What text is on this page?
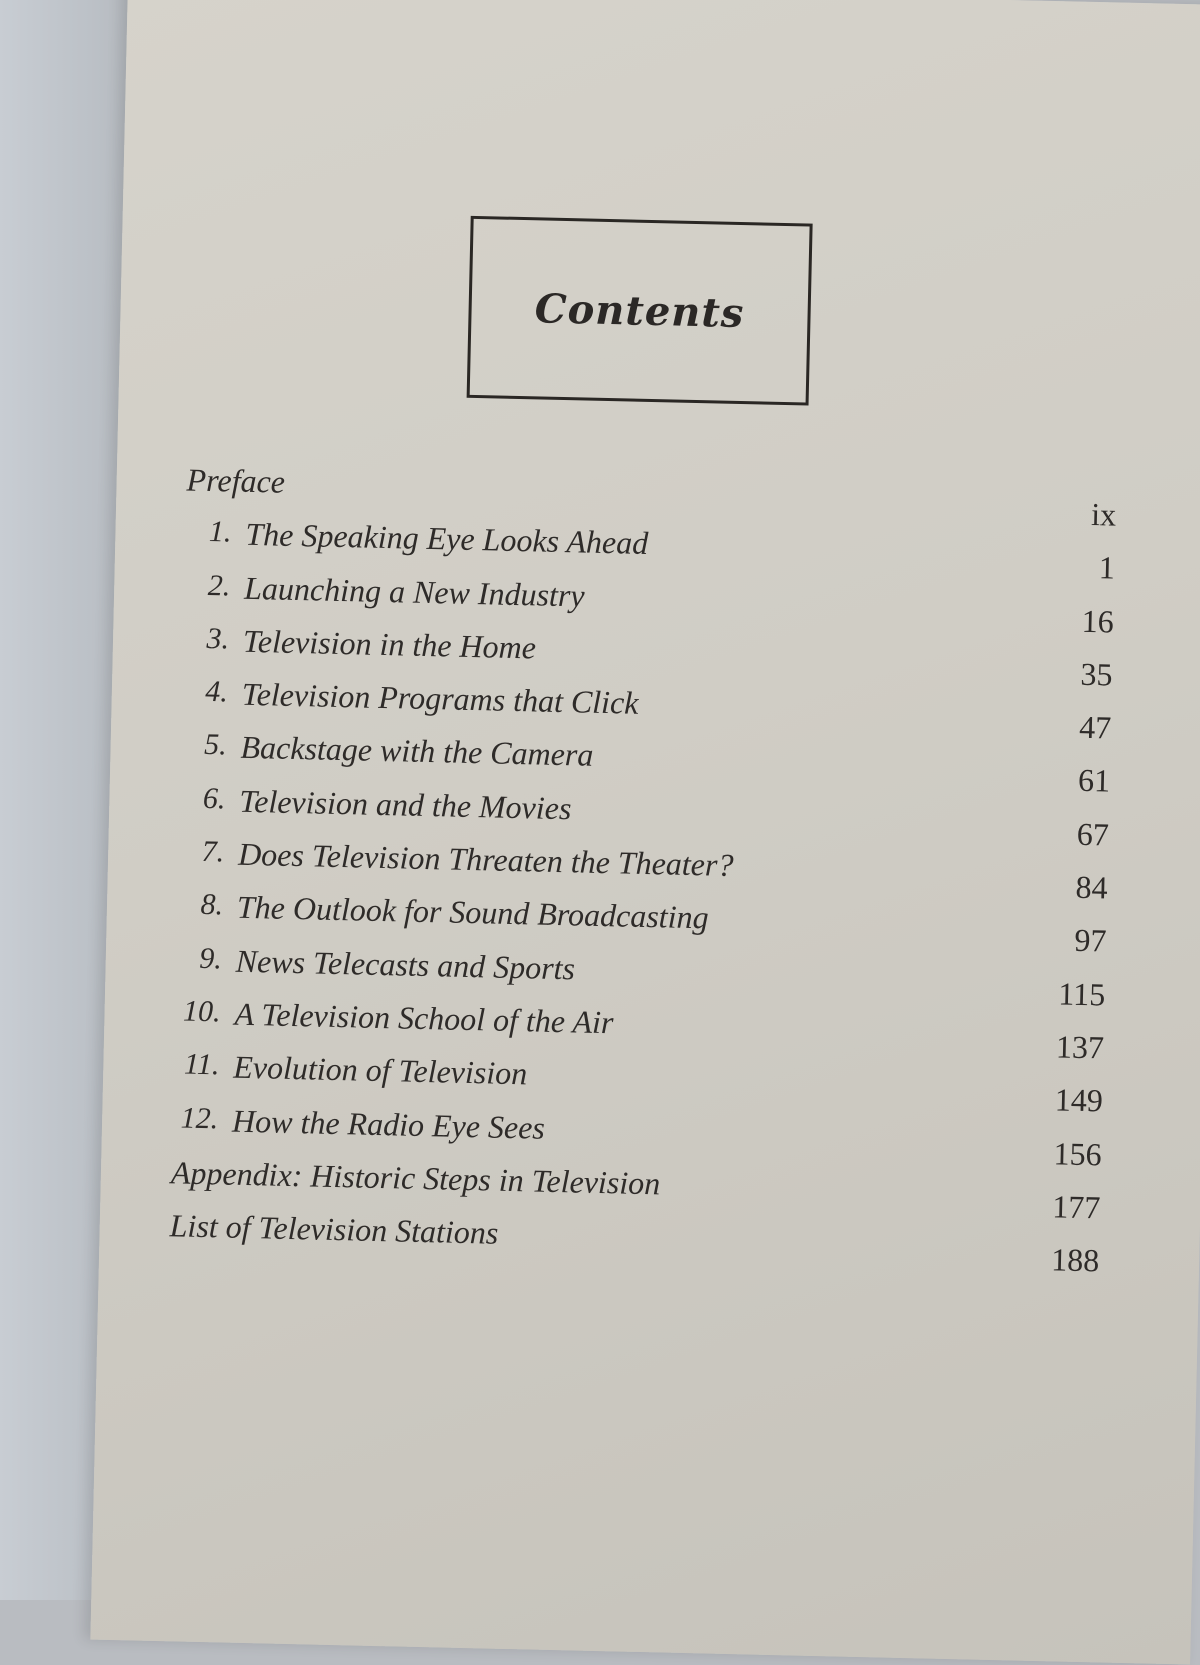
Contents
Preface
ix
1. The Speaking Eye Looks Ahead
1
2. Launching a New Industry
16
3. Television in the Home
35
4. Television Programs that Click
47
5. Backstage with the Camera
61
6. Television and the Movies
67
7. Does Television Threaten the Theater?
84
8. The Outlook for Sound Broadcasting
97
9. News Telecasts and Sports
115
10. A Television School of the Air
137
11. Evolution of Television
149
12. How the Radio Eye Sees
156
Appendix: Historic Steps in Television
177
List of Television Stations
188
